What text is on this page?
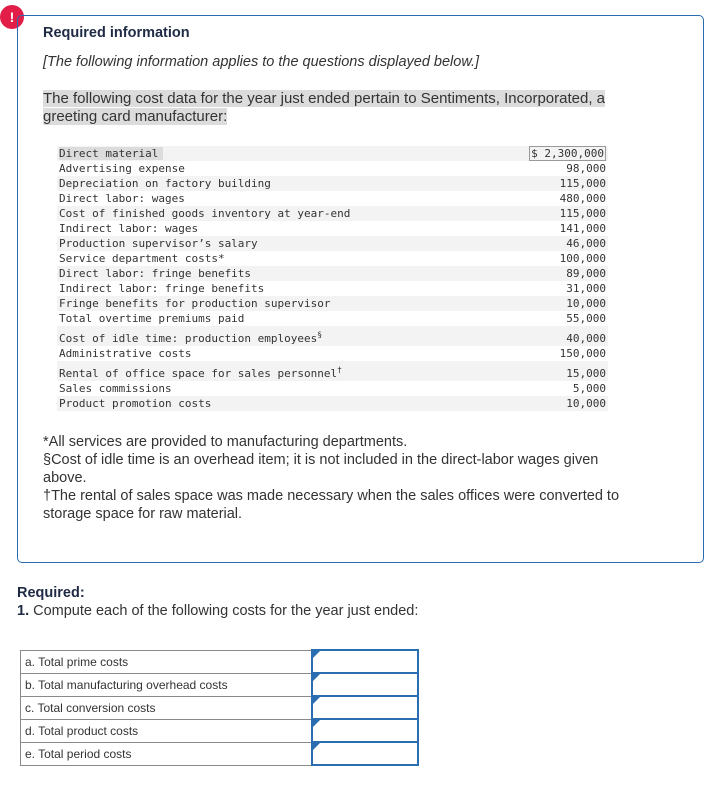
!
Required information
[The following information applies to the questions displayed below.]
The following cost data for the year just ended pertain to Sentiments, Incorporated, a
greeting card manufacturer:
Direct material	$ 2,300,000
Advertising expense	98,000
Depreciation on factory building	115,000
Direct labor: wages	480,000
Cost of finished goods inventory at year-end	115,000
Indirect labor: wages	141,000
Production supervisor’s salary	46,000
Service department costs*	100,000
Direct labor: fringe benefits	89,000
Indirect labor: fringe benefits	31,000
Fringe benefits for production supervisor	10,000
Total overtime premiums paid	55,000
Cost of idle time: production employees§	40,000
Administrative costs	150,000
Rental of office space for sales personnel†	15,000
Sales commissions	5,000
Product promotion costs	10,000

*All services are provided to manufacturing departments.

§Cost of idle time is an overhead item; it is not included in the direct-labor wages given above.

†The rental of sales space was made necessary when the sales offices were converted to storage space for raw material.

Required:
1. Compute each of the following costs for the year just ended:
a. Total prime costs	

b. Total manufacturing overhead costs	

c. Total conversion costs	

d. Total product costs	

e. Total period costs	
